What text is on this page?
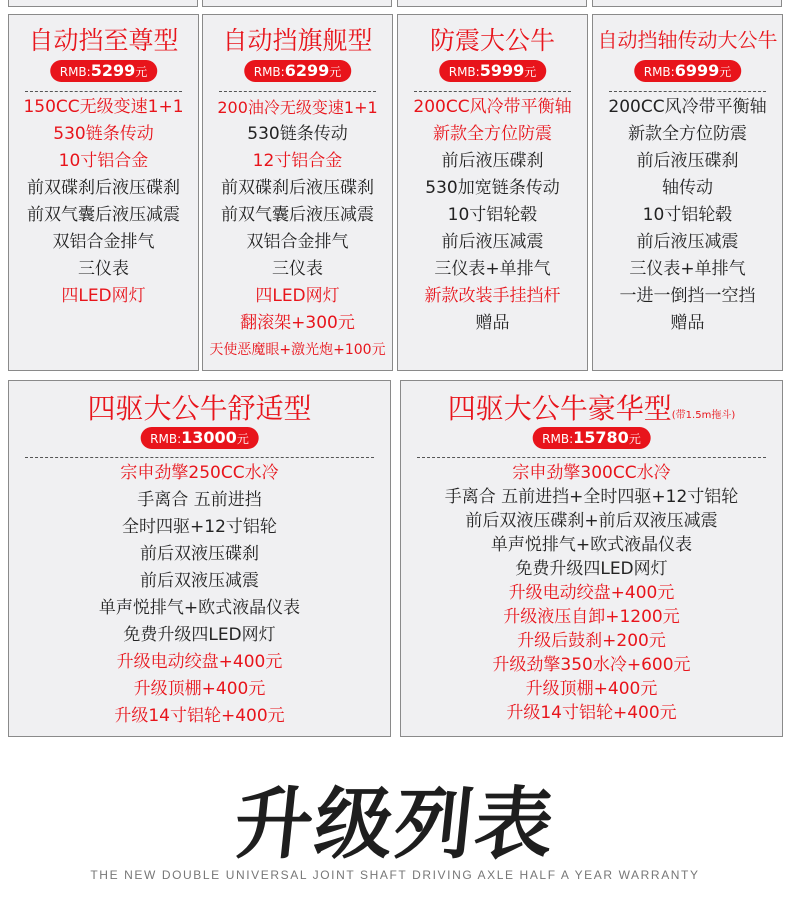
自动挡至尊型
RMB:5299元
150CC无级变速1+1
530链条传动
10寸铝合金
前双碟刹后液压碟刹
前双气囊后液压减震
双铝合金排气
三仪表
四LED网灯
自动挡旗舰型
RMB:6299元
200油冷无级变速1+1
530链条传动
12寸铝合金
前双碟刹后液压碟刹
前双气囊后液压减震
双铝合金排气
三仪表
四LED网灯
翻滚架+300元
天使恶魔眼+激光炮+100元
防震大公牛
RMB:5999元
200CC风冷带平衡轴
新款全方位防震
前后液压碟刹
530加宽链条传动
10寸铝轮毂
前后液压减震
三仪表+单排气
新款改装手挂挡杆
赠品
自动挡轴传动大公牛
RMB:6999元
200CC风冷带平衡轴
新款全方位防震
前后液压碟刹
轴传动
10寸铝轮毂
前后液压减震
三仪表+单排气
一进一倒挡一空挡
赠品
四驱大公牛舒适型
RMB:13000元
宗申劲擎250CC水冷
手离合 五前进挡
全时四驱+12寸铝轮
前后双液压碟刹
前后双液压减震
单声悦排气+欧式液晶仪表
免费升级四LED网灯
升级电动绞盘+400元
升级顶棚+400元
升级14寸铝轮+400元
四驱大公牛豪华型(带1.5m拖斗)
RMB:15780元
宗申劲擎300CC水冷
手离合 五前进挡+全时四驱+12寸铝轮
前后双液压碟刹+前后双液压减震
单声悦排气+欧式液晶仪表
免费升级四LED网灯
升级电动绞盘+400元
升级液压自卸+1200元
升级后鼓刹+200元
升级劲擎350水冷+600元
升级顶棚+400元
升级14寸铝轮+400元
升级列表
THE NEW DOUBLE UNIVERSAL JOINT SHAFT DRIVING AXLE HALF A YEAR WARRANTY
